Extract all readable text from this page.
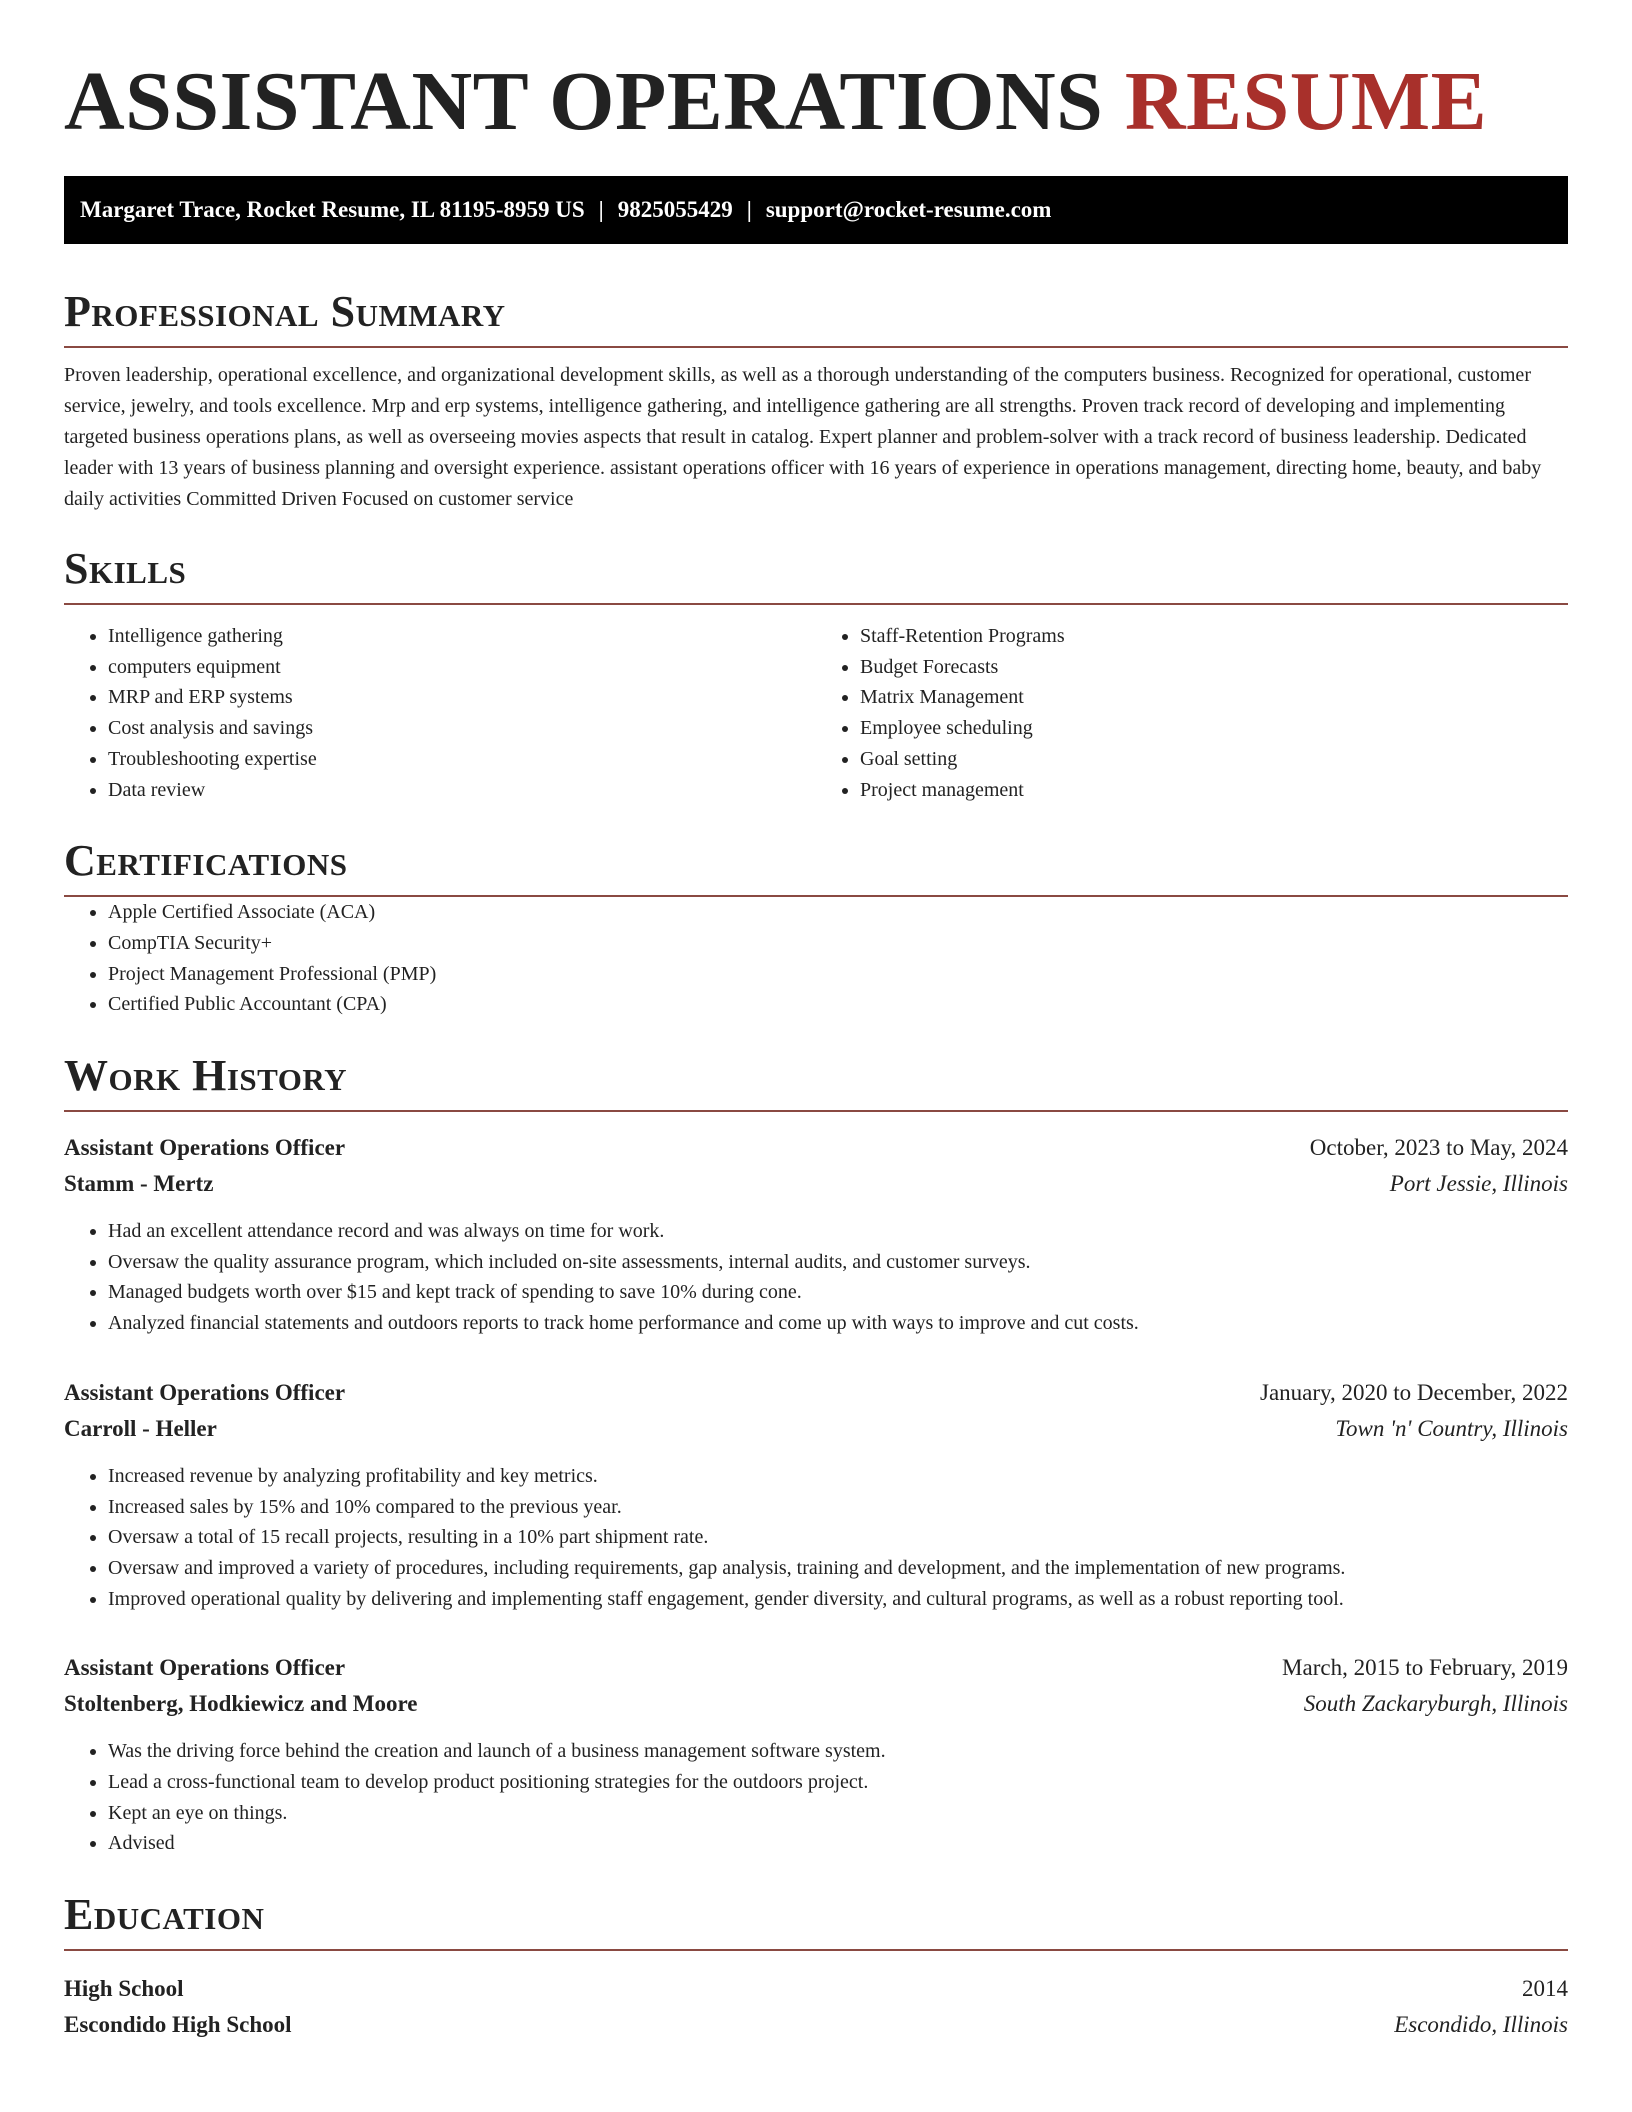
ASSISTANT OPERATIONS RESUME
Margaret Trace, Rocket Resume, IL 81195-8959 US | 9825055429 | support@rocket-resume.com
Professional Summary

Proven leadership, operational excellence, and organizational development skills, as well as a thorough understanding of the computers business. Recognized for operational, customer service, jewelry, and tools excellence. Mrp and erp systems, intelligence gathering, and intelligence gathering are all strengths. Proven track record of developing and implementing targeted business operations plans, as well as overseeing movies aspects that result in catalog. Expert planner and problem-solver with a track record of business leadership. Dedicated leader with 13 years of business planning and oversight experience. assistant operations officer with 16 years of experience in operations management, directing home, beauty, and baby daily activities Committed Driven Focused on customer service

Skills
• Intelligence gathering
• computers equipment
• MRP and ERP systems
• Cost analysis and savings
• Troubleshooting expertise
• Data review
• Staff-Retention Programs
• Budget Forecasts
• Matrix Management
• Employee scheduling
• Goal setting
• Project management
Certifications
• Apple Certified Associate (ACA)
• CompTIA Security+
• Project Management Professional (PMP)
• Certified Public Accountant (CPA)
Work History
Assistant Operations Officer	October, 2023 to May, 2024
Stamm - Mertz	Port Jessie, Illinois
• Had an excellent attendance record and was always on time for work.
• Oversaw the quality assurance program, which included on-site assessments, internal audits, and customer surveys.
• Managed budgets worth over $15 and kept track of spending to save 10% during cone.
• Analyzed financial statements and outdoors reports to track home performance and come up with ways to improve and cut costs.
Assistant Operations Officer	January, 2020 to December, 2022
Carroll - Heller	Town 'n' Country, Illinois
• Increased revenue by analyzing profitability and key metrics.
• Increased sales by 15% and 10% compared to the previous year.
• Oversaw a total of 15 recall projects, resulting in a 10% part shipment rate.
• Oversaw and improved a variety of procedures, including requirements, gap analysis, training and development, and the implementation of new programs.
• Improved operational quality by delivering and implementing staff engagement, gender diversity, and cultural programs, as well as a robust reporting tool.
Assistant Operations Officer	March, 2015 to February, 2019
Stoltenberg, Hodkiewicz and Moore	South Zackaryburgh, Illinois
• Was the driving force behind the creation and launch of a business management software system.
• Lead a cross-functional team to develop product positioning strategies for the outdoors project.
• Kept an eye on things.
• Advised
Education
High School	2014
Escondido High School	Escondido, Illinois
